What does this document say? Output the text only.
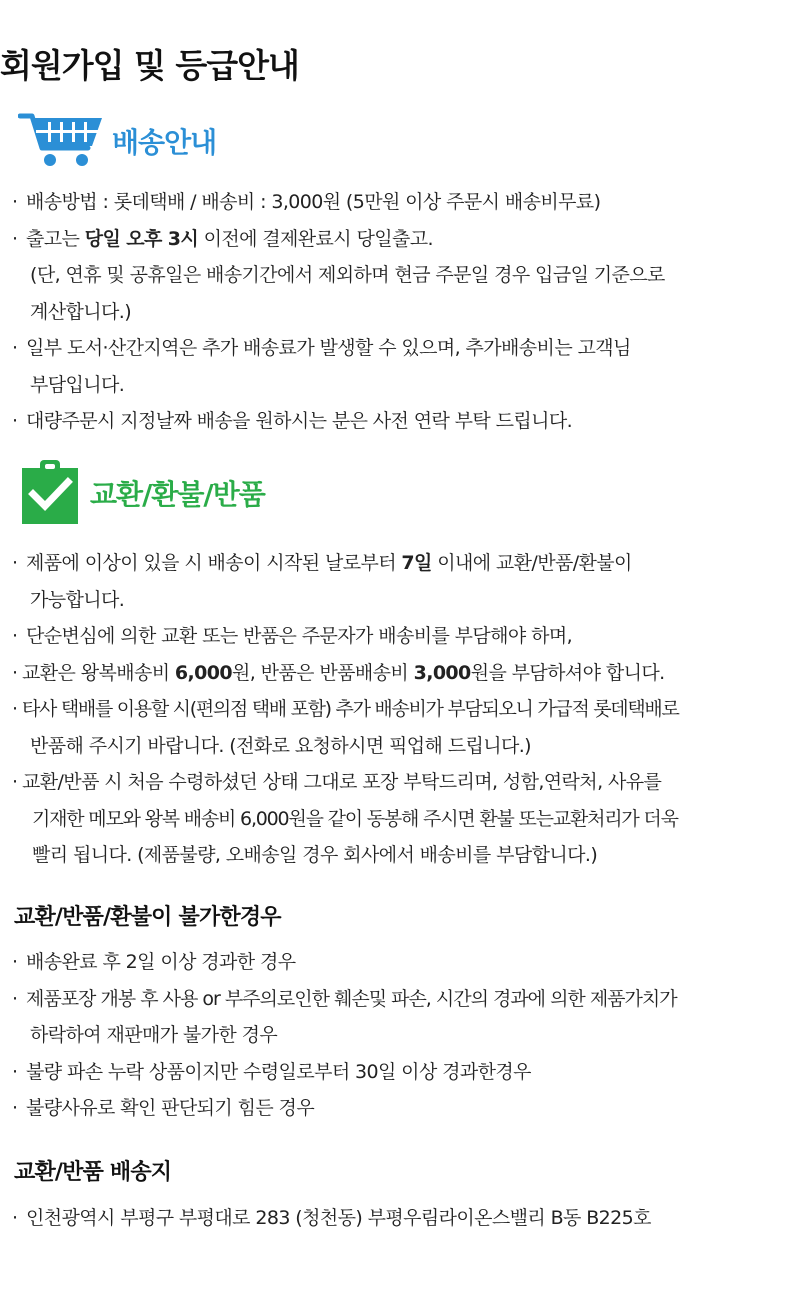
회원가입 및 등급안내
배송안내
· 배송방법 : 롯데택배 / 배송비 : 3,000원 (5만원 이상 주문시 배송비무료)
· 출고는 당일 오후 3시 이전에 결제완료시 당일출고.
(단, 연휴 및 공휴일은 배송기간에서 제외하며 현금 주문일 경우 입금일 기준으로
계산합니다.)
· 일부 도서·산간지역은 추가 배송료가 발생할 수 있으며, 추가배송비는 고객님
부담입니다.
· 대량주문시 지정날짜 배송을 원하시는 분은 사전 연락 부탁 드립니다.
교환/환불/반품
· 제품에 이상이 있을 시 배송이 시작된 날로부터 7일 이내에 교환/반품/환불이
가능합니다.
· 단순변심에 의한 교환 또는 반품은 주문자가 배송비를 부담해야 하며,
· 교환은 왕복배송비 6,000원, 반품은 반품배송비 3,000원을 부담하셔야 합니다.
· 타사 택배를 이용할 시(편의점 택배 포함) 추가 배송비가 부담되오니 가급적 롯데택배로
반품해 주시기 바랍니다. (전화로 요청하시면 픽업해 드립니다.)
· 교환/반품 시 처음 수령하셨던 상태 그대로 포장 부탁드리며, 성함,연락처, 사유를
기재한 메모와 왕복 배송비 6,000원을 같이 동봉해 주시면 환불 또는교환처리가 더욱
빨리 됩니다. (제품불량, 오배송일 경우 회사에서 배송비를 부담합니다.)
교환/반품/환불이 불가한경우
· 배송완료 후 2일 이상 경과한 경우
· 제품포장 개봉 후 사용 or 부주의로인한 훼손및 파손, 시간의 경과에 의한 제품가치가
하락하여 재판매가 불가한 경우
· 불량 파손 누락 상품이지만 수령일로부터 30일 이상 경과한경우
· 불량사유로 확인 판단되기 힘든 경우
교환/반품 배송지
· 인천광역시 부평구 부평대로 283 (청천동) 부평우림라이온스밸리 B동 B225호
